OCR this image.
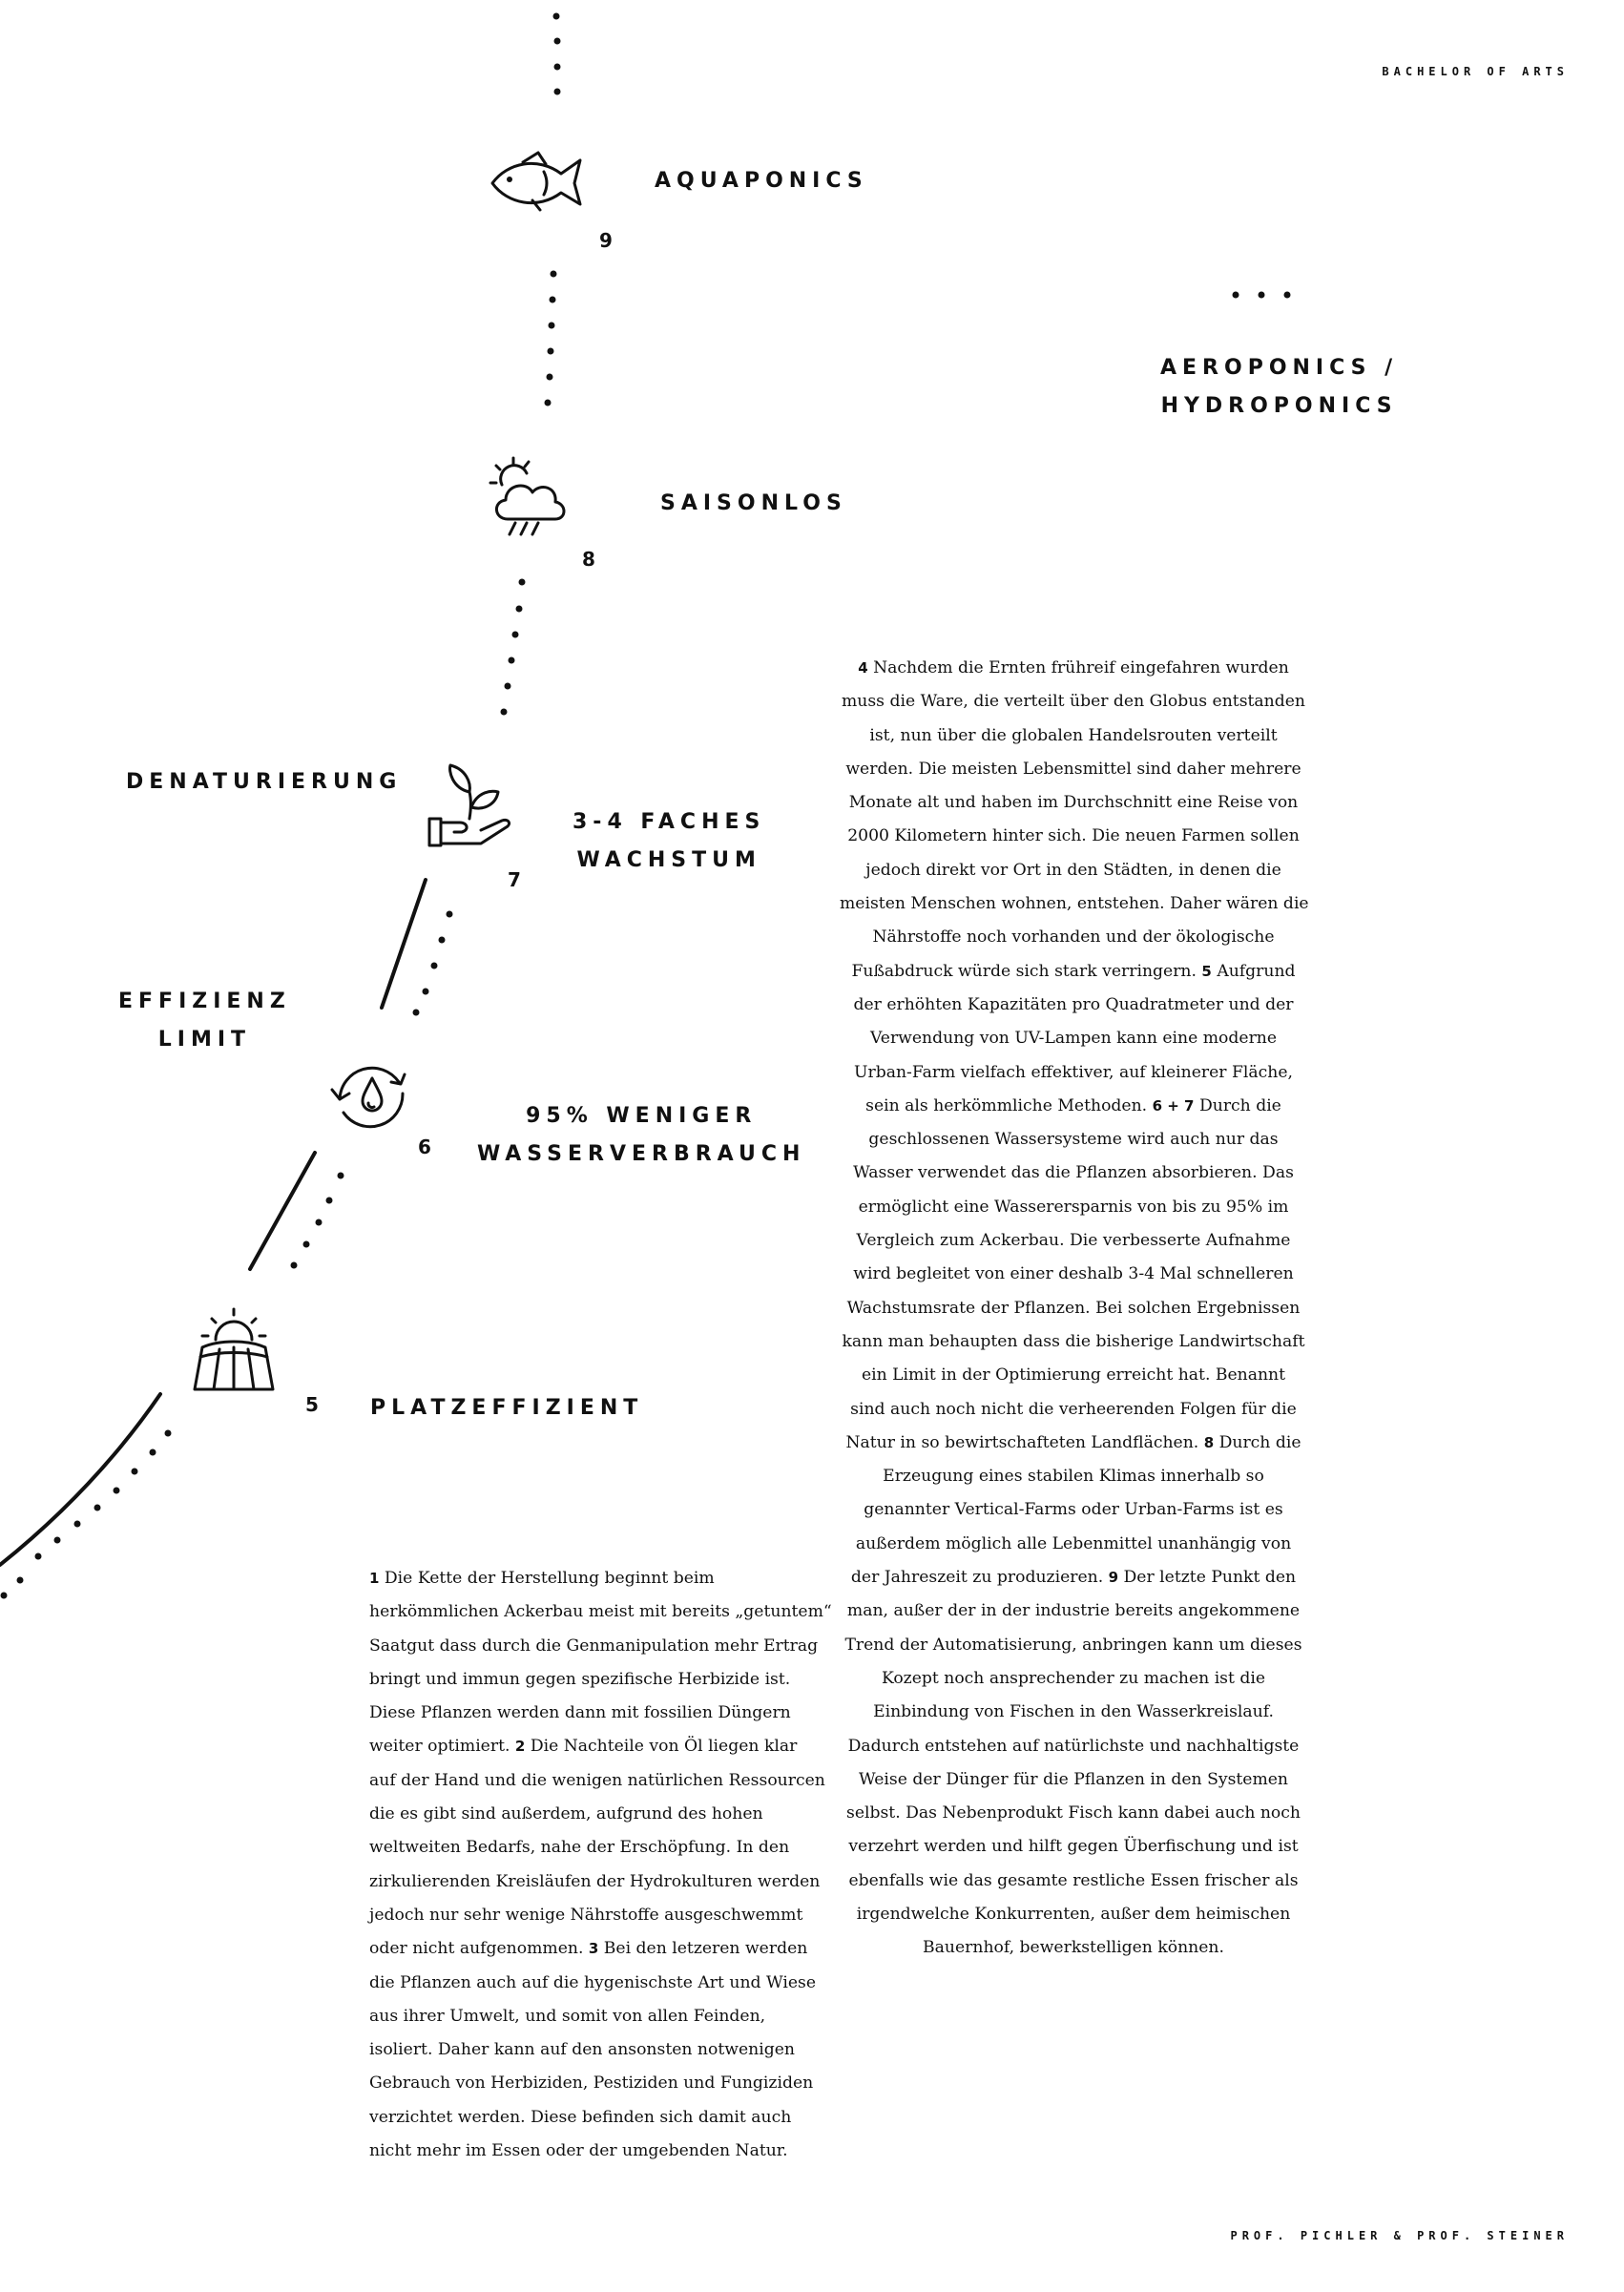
BACHELOR OF ARTS
PROF. PICHLER & PROF. STEINER
AQUAPONICS
9
AEROPONICS /
HYDROPONICS
SAISONLOS
8
DENATURIERUNG
3-4 FACHES
WACHSTUM
7
EFFIZIENZ
LIMIT
95% WENIGER
WASSERVERBRAUCH
6
PLATZEFFIZIENT
5
1 Die Kette der Herstellung beginnt beim
herkömmlichen Ackerbau meist mit bereits „getuntem“
Saatgut dass durch die Genmanipulation mehr Ertrag
bringt und immun gegen spezifische Herbizide ist.
Diese Pflanzen werden dann mit fossilien Düngern
weiter optimiert. 2 Die Nachteile von Öl liegen klar
auf der Hand und die wenigen natürlichen Ressourcen
die es gibt sind außerdem, aufgrund des hohen
weltweiten Bedarfs, nahe der Erschöpfung. In den
zirkulierenden Kreisläufen der Hydrokulturen werden
jedoch nur sehr wenige Nährstoffe ausgeschwemmt
oder nicht aufgenommen. 3 Bei den letzeren werden
die Pflanzen auch auf die hygenischste Art und Wiese
aus ihrer Umwelt, und somit von allen Feinden,
isoliert. Daher kann auf den ansonsten notwenigen
Gebrauch von Herbiziden, Pestiziden und Fungiziden
verzichtet werden. Diese befinden sich damit auch
nicht mehr im Essen oder der umgebenden Natur.
4 Nachdem die Ernten frühreif eingefahren wurden
muss die Ware, die verteilt über den Globus entstanden
ist, nun über die globalen Handelsrouten verteilt
werden. Die meisten Lebensmittel sind daher mehrere
Monate alt und haben im Durchschnitt eine Reise von
2000 Kilometern hinter sich. Die neuen Farmen sollen
jedoch direkt vor Ort in den Städten, in denen die
meisten Menschen wohnen, entstehen. Daher wären die
Nährstoffe noch vorhanden und der ökologische
Fußabdruck würde sich stark verringern. 5 Aufgrund
der erhöhten Kapazitäten pro Quadratmeter und der
Verwendung von UV-Lampen kann eine moderne
Urban-Farm vielfach effektiver, auf kleinerer Fläche,
sein als herkömmliche Methoden. 6 + 7 Durch die
geschlossenen Wassersysteme wird auch nur das
Wasser verwendet das die Pflanzen absorbieren. Das
ermöglicht eine Wasserersparnis von bis zu 95% im
Vergleich zum Ackerbau. Die verbesserte Aufnahme
wird begleitet von einer deshalb 3-4 Mal schnelleren
Wachstumsrate der Pflanzen. Bei solchen Ergebnissen
kann man behaupten dass die bisherige Landwirtschaft
ein Limit in der Optimierung erreicht hat. Benannt
sind auch noch nicht die verheerenden Folgen für die
Natur in so bewirtschafteten Landflächen. 8 Durch die
Erzeugung eines stabilen Klimas innerhalb so
genannter Vertical-Farms oder Urban-Farms ist es
außerdem möglich alle Lebenmittel unanhängig von
der Jahreszeit zu produzieren. 9 Der letzte Punkt den
man, außer der in der industrie bereits angekommene
Trend der Automatisierung, anbringen kann um dieses
Kozept noch ansprechender zu machen ist die
Einbindung von Fischen in den Wasserkreislauf.
Dadurch entstehen auf natürlichste und nachhaltigste
Weise der Dünger für die Pflanzen in den Systemen
selbst. Das Nebenprodukt Fisch kann dabei auch noch
verzehrt werden und hilft gegen Überfischung und ist
ebenfalls wie das gesamte restliche Essen frischer als
irgendwelche Konkurrenten, außer dem heimischen
Bauernhof, bewerkstelligen können.
